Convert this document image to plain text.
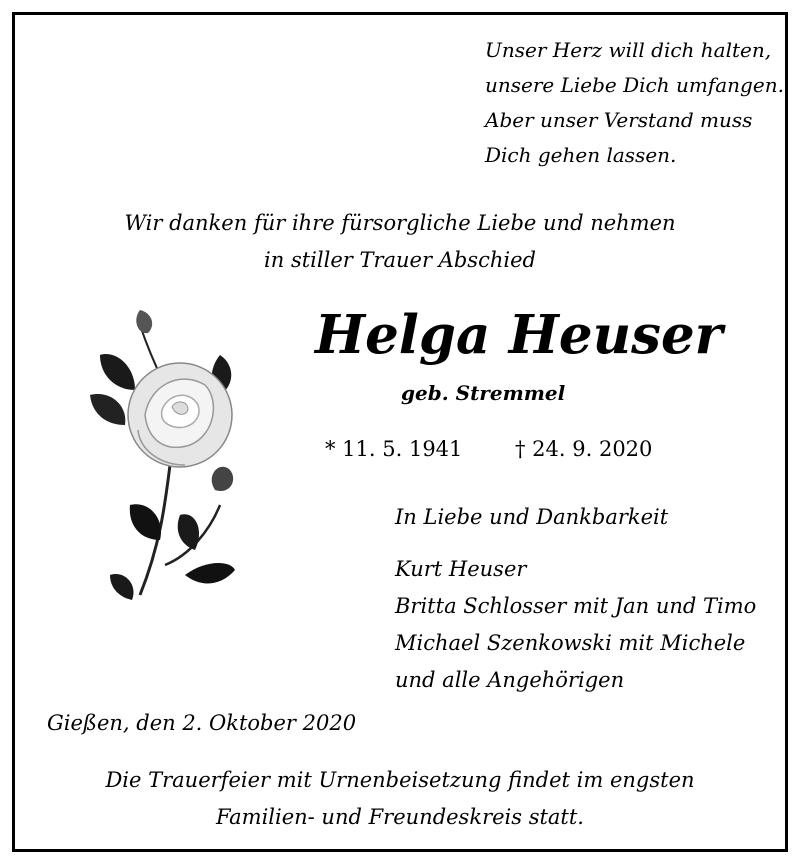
Unser Herz will dich halten,
unsere Liebe Dich umfangen.
Aber unser Verstand muss
Dich gehen lassen.
Wir danken für ihre fürsorgliche Liebe und nehmen
in stiller Trauer Abschied
Helga Heuser
geb. Stremmel
* 11. 5. 1941	† 24. 9. 2020
In Liebe und Dankbarkeit
Kurt Heuser
Britta Schlosser mit Jan und Timo
Michael Szenkowski mit Michele
und alle Angehörigen
Gießen, den 2. Oktober 2020
Die Trauerfeier mit Urnenbeisetzung findet im engsten
Familien- und Freundeskreis statt.
